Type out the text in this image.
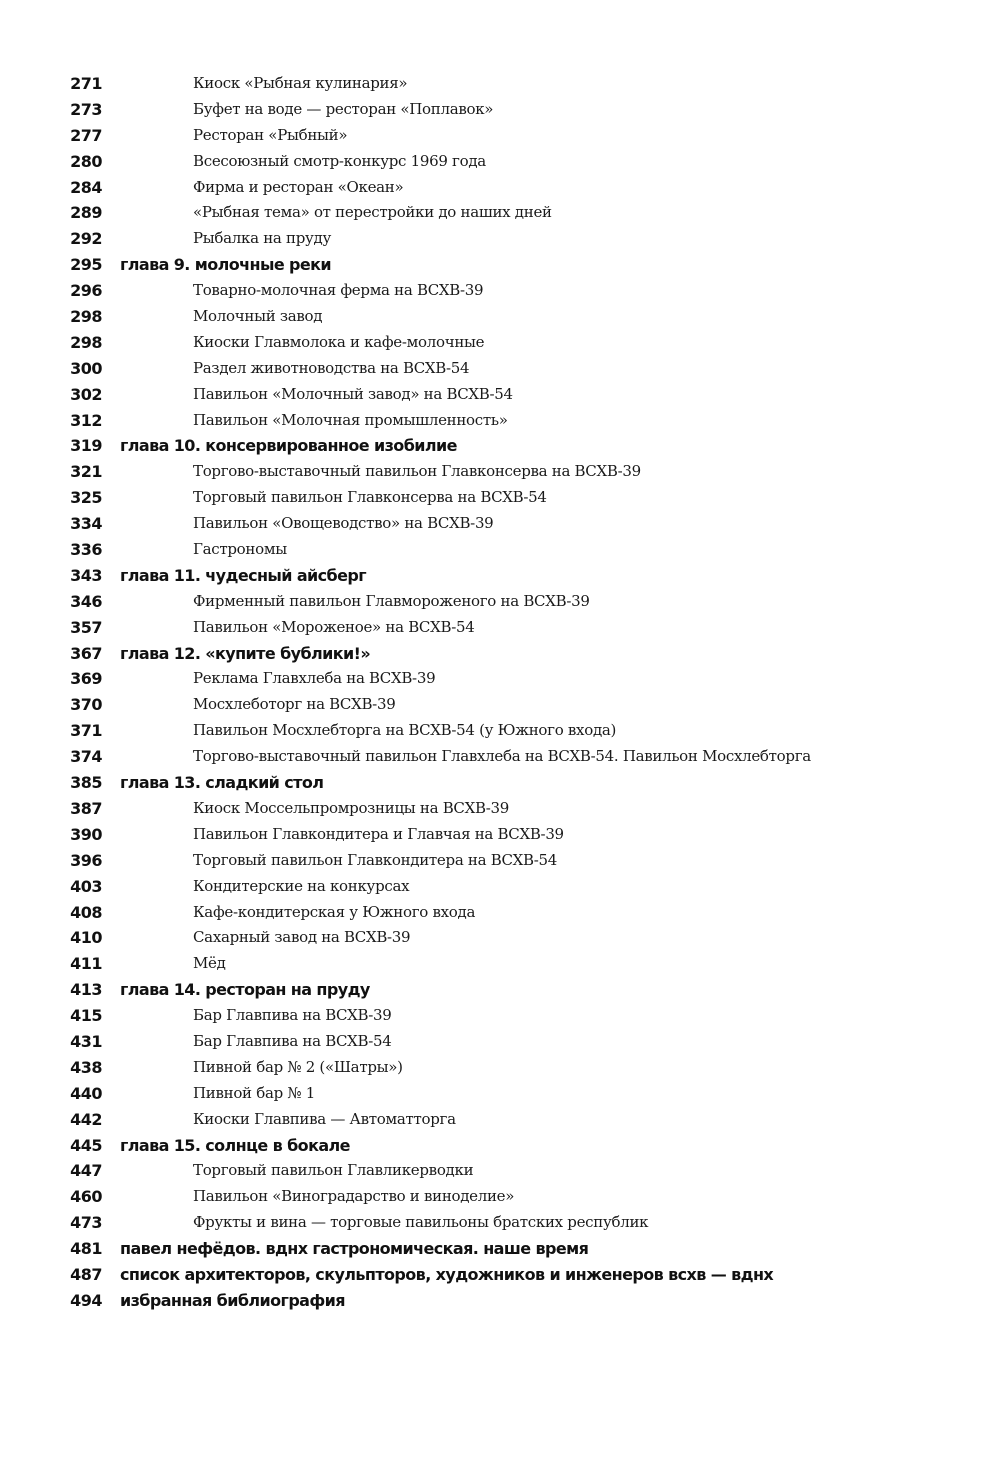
271	Киоск «Рыбная кулинария»
273	Буфет на воде — ресторан «Поплавок»
277	Ресторан «Рыбный»
280	Всесоюзный смотр-конкурс 1969 года
284	Фирма и ресторан «Океан»
289	«Рыбная тема» от перестройки до наших дней
292	Рыбалка на пруду
295 глава 9. молочные реки
296	Товарно-молочная ферма на ВСХВ-39
298	Молочный завод
298	Киоски Главмолока и кафе-молочные
300	Раздел животноводства на ВСХВ-54
302	Павильон «Молочный завод» на ВСХВ-54
312	Павильон «Молочная промышленность»
319 глава 10. консервированное изобилие
321	Торгово-выставочный павильон Главконсерва на ВСХВ-39
325	Торговый павильон Главконсерва на ВСХВ-54
334	Павильон «Овощеводство» на ВСХВ-39
336	Гастрономы
343 глава 11. чудесный айсберг
346	Фирменный павильон Главмороженого на ВСХВ-39
357	Павильон «Мороженое» на ВСХВ-54
367 глава 12. «купите бублики!»
369	Реклама Главхлеба на ВСХВ-39
370	Мосхлеботорг на ВСХВ-39
371	Павильон Мосхлебторга на ВСХВ-54 (у Южного входа)
374	Торгово-выставочный павильон Главхлеба на ВСХВ-54. Павильон Мосхлебторга
385 глава 13. сладкий стол
387	Киоск Моссельпромрозницы на ВСХВ-39
390	Павильон Главкондитера и Главчая на ВСХВ-39
396	Торговый павильон Главкондитера на ВСХВ-54
403	Кондитерские на конкурсах
408	Кафе-кондитерская у Южного входа
410	Сахарный завод на ВСХВ-39
411	Мёд
413 глава 14. ресторан на пруду
415	Бар Главпива на ВСХВ-39
431	Бар Главпива на ВСХВ-54
438	Пивной бар № 2 («Шатры»)
440	Пивной бар № 1
442	Киоски Главпива — Автоматторга
445 глава 15. солнце в бокале
447	Торговый павильон Главликерводки
460	Павильон «Виноградарство и виноделие»
473	Фрукты и вина — торговые павильоны братских республик
481 павел нефёдов. вднх гастрономическая. наше время
487 список архитекторов, скульпторов, художников и инженеров всхв — вднх
494 избранная библиография
